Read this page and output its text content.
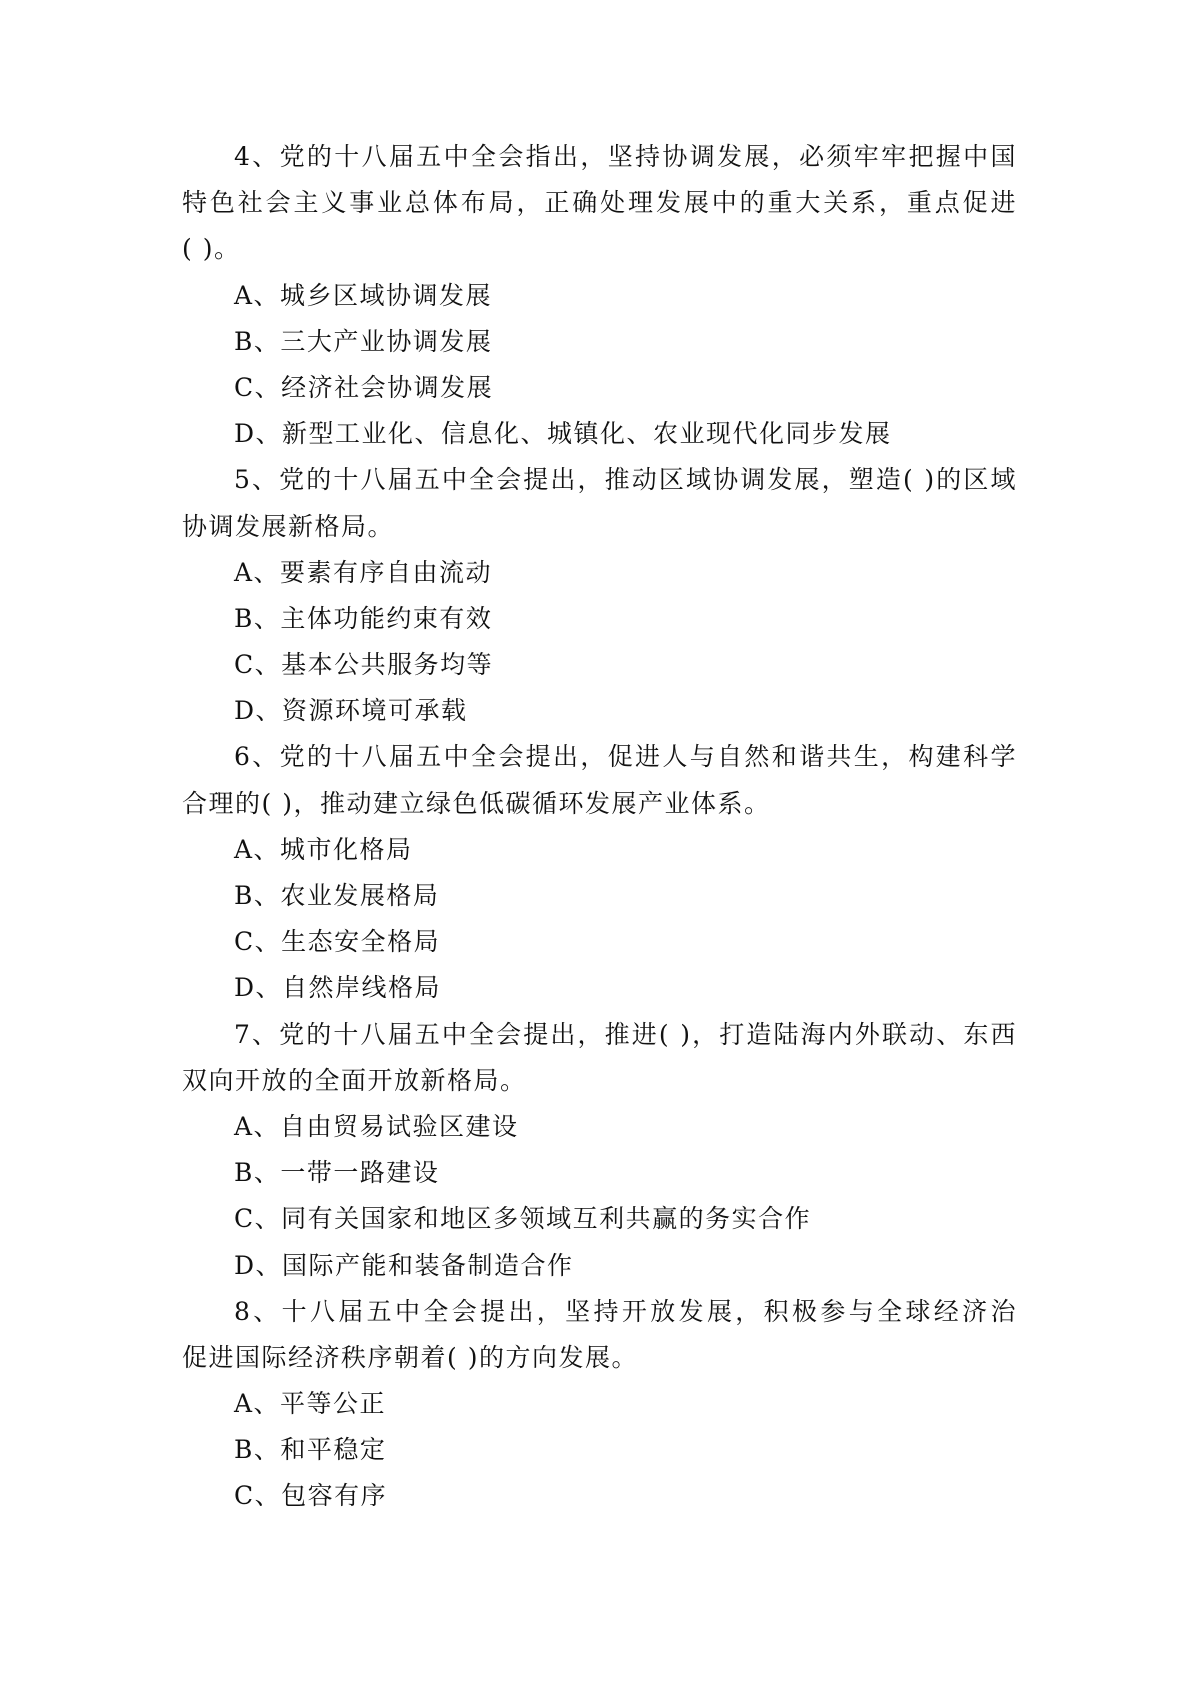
4、党的十八届五中全会指出，坚持协调发展，必须牢牢把握中国
特色社会主义事业总体布局，正确处理发展中的重大关系，重点促进
( )。
A、城乡区域协调发展
B、三大产业协调发展
C、经济社会协调发展
D、新型工业化、信息化、城镇化、农业现代化同步发展
5、党的十八届五中全会提出，推动区域协调发展，塑造( )的区域
协调发展新格局。
A、要素有序自由流动
B、主体功能约束有效
C、基本公共服务均等
D、资源环境可承载
6、党的十八届五中全会提出，促进人与自然和谐共生，构建科学
合理的( )，推动建立绿色低碳循环发展产业体系。
A、城市化格局
B、农业发展格局
C、生态安全格局
D、自然岸线格局
7、党的十八届五中全会提出，推进( )，打造陆海内外联动、东西
双向开放的全面开放新格局。
A、自由贸易试验区建设
B、一带一路建设
C、同有关国家和地区多领域互利共赢的务实合作
D、国际产能和装备制造合作
8、十八届五中全会提出，坚持开放发展，积极参与全球经济治
促进国际经济秩序朝着( )的方向发展。
A、平等公正
B、和平稳定
C、包容有序
